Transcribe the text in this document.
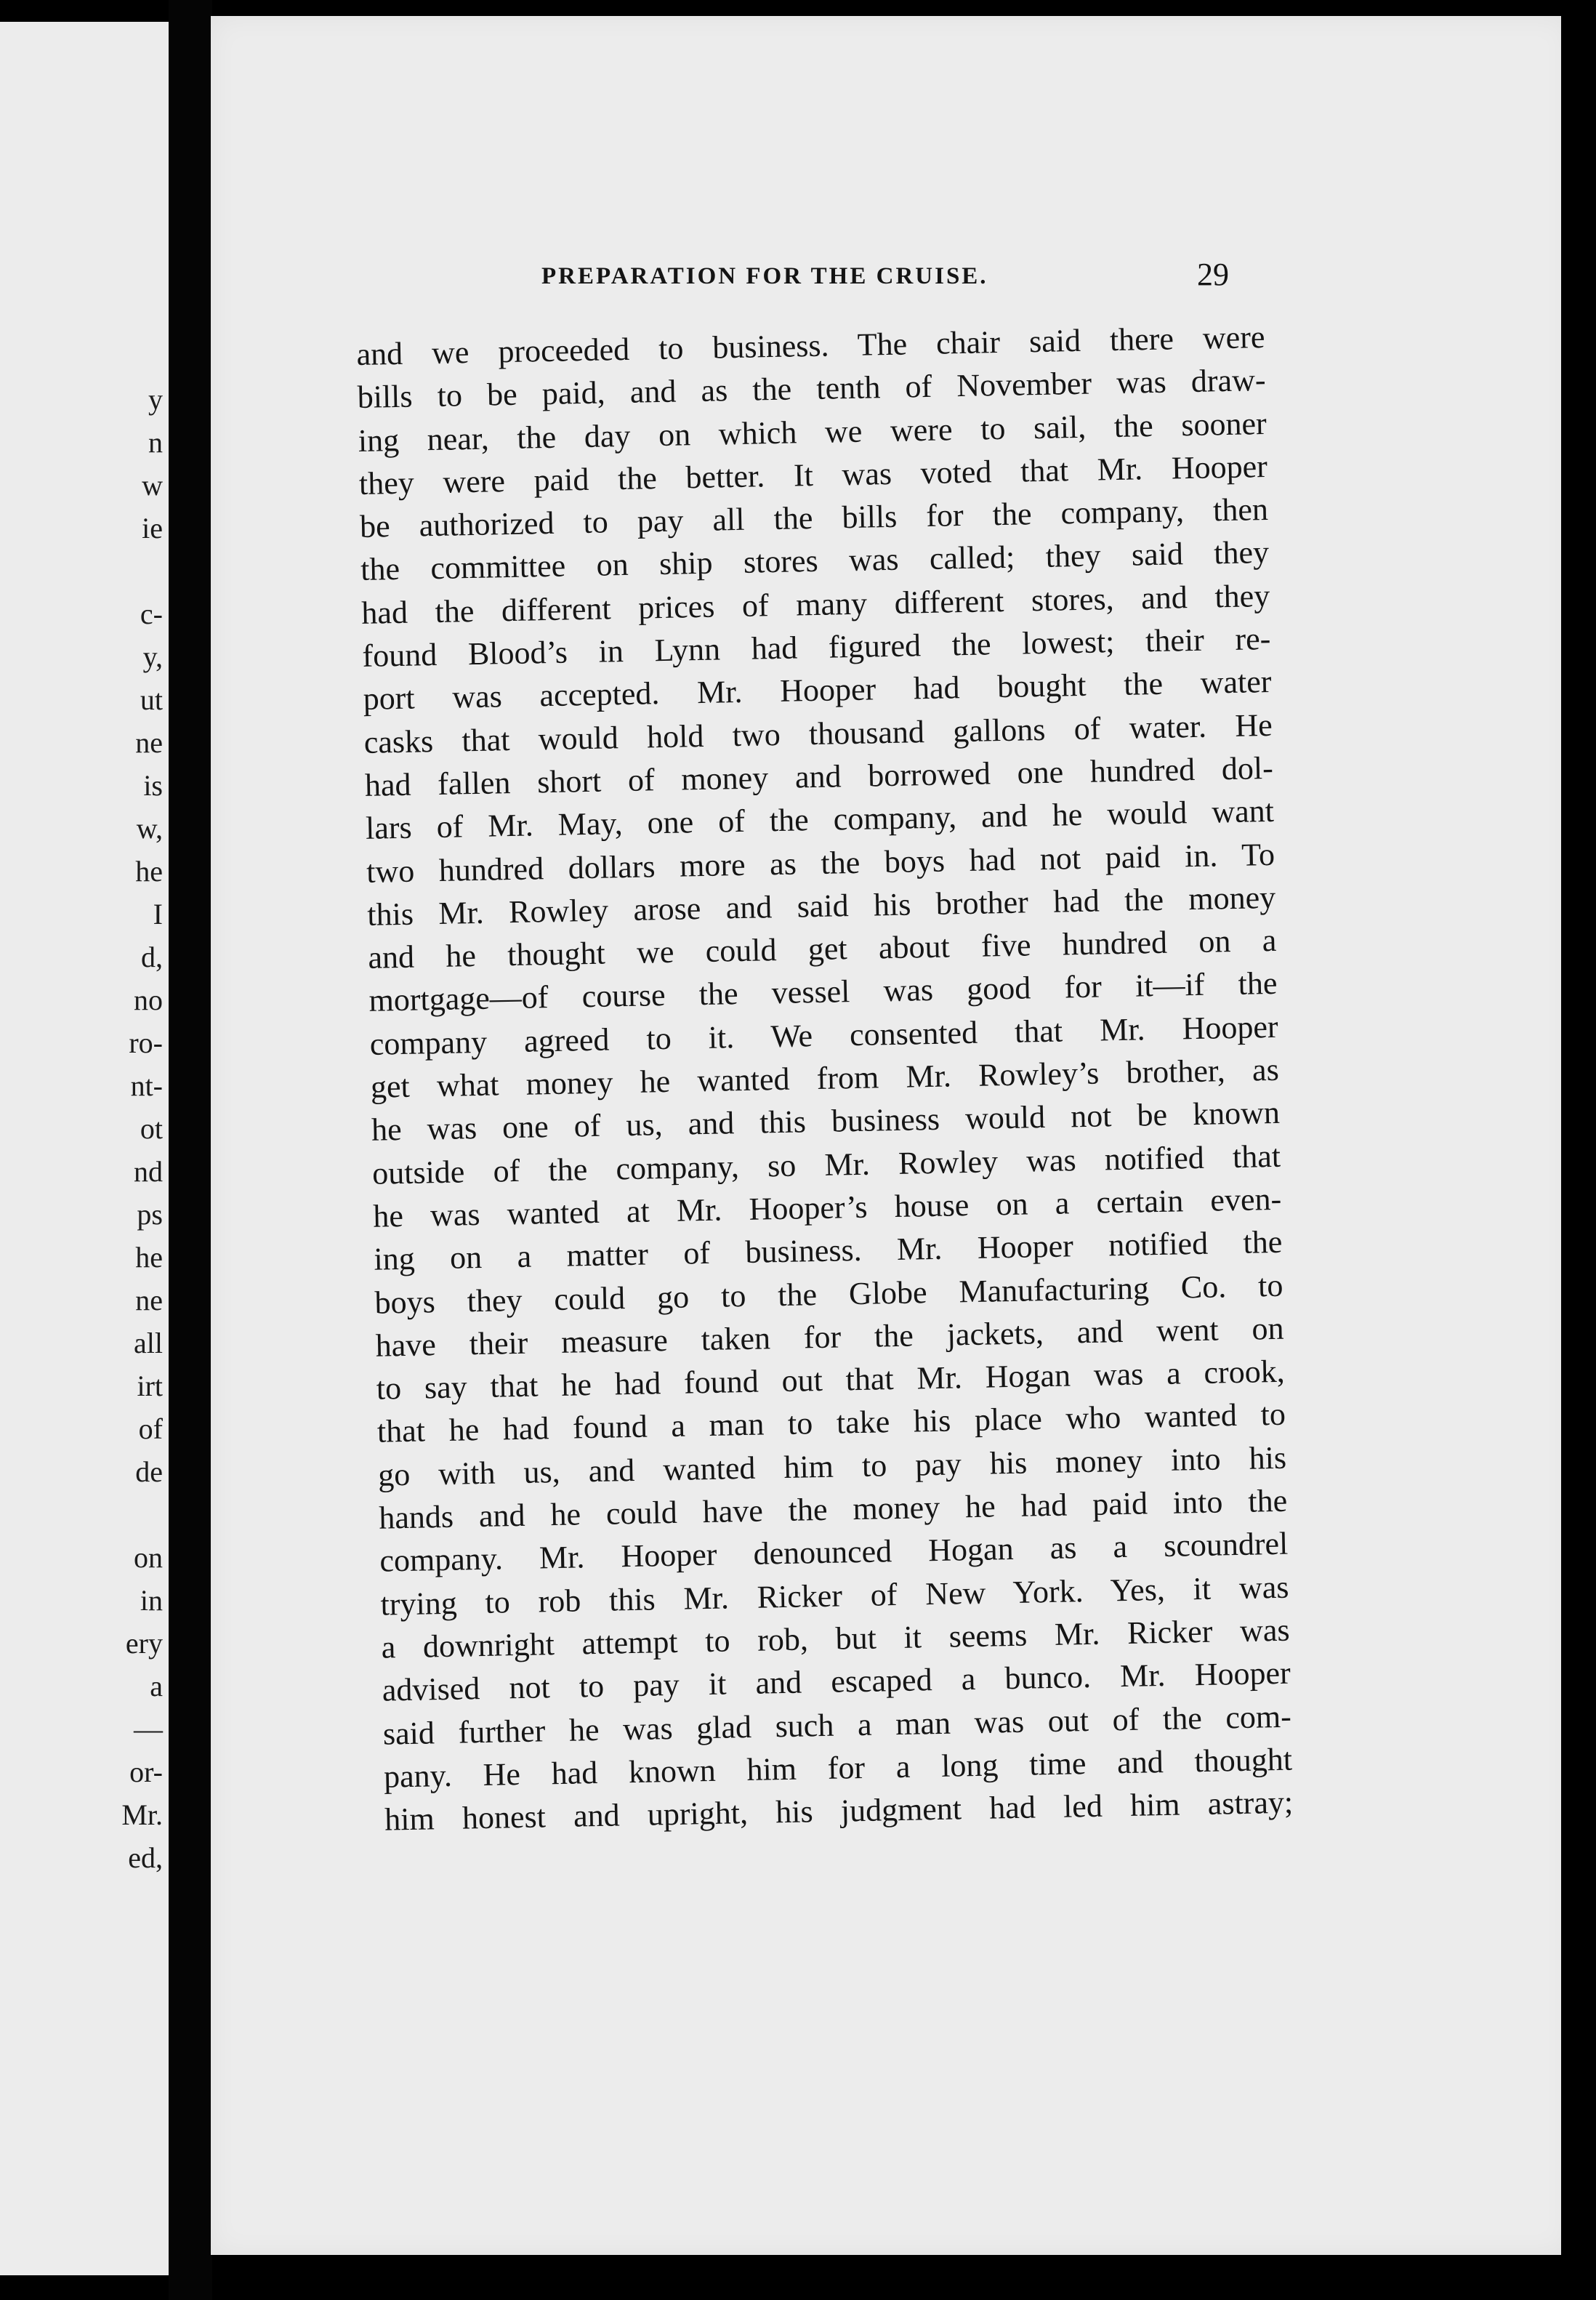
y
n
w
ie

c-
y,
ut
ne
is
w,
he
I
d,
no
ro-
nt-
ot
nd
ps
he
ne
all
irt
of
de

on
in
ery
a
—
or-
Mr.
ed,
PREPARATION FOR THE CRUISE.	29
and we proceeded to business. The chair said there were
bills to be paid, and as the tenth of November was draw-
ing near, the day on which we were to sail, the sooner
they were paid the better. It was voted that Mr. Hooper
be authorized to pay all the bills for the company, then
the committee on ship stores was called; they said they
had the different prices of many different stores, and they
found Blood’s in Lynn had figured the lowest; their re-
port was accepted. Mr. Hooper had bought the water
casks that would hold two thousand gallons of water. He
had fallen short of money and borrowed one hundred dol-
lars of Mr. May, one of the company, and he would want
two hundred dollars more as the boys had not paid in. To
this Mr. Rowley arose and said his brother had the money
and he thought we could get about five hundred on a
mortgage—of course the vessel was good for it—if the
company agreed to it. We consented that Mr. Hooper
get what money he wanted from Mr. Rowley’s brother, as
he was one of us, and this business would not be known
outside of the company, so Mr. Rowley was notified that
he was wanted at Mr. Hooper’s house on a certain even-
ing on a matter of business. Mr. Hooper notified the
boys they could go to the Globe Manufacturing Co. to
have their measure taken for the jackets, and went on
to say that he had found out that Mr. Hogan was a crook,
that he had found a man to take his place who wanted to
go with us, and wanted him to pay his money into his
hands and he could have the money he had paid into the
company. Mr. Hooper denounced Hogan as a scoundrel
trying to rob this Mr. Ricker of New York. Yes, it was
a downright attempt to rob, but it seems Mr. Ricker was
advised not to pay it and escaped a bunco. Mr. Hooper
said further he was glad such a man was out of the com-
pany. He had known him for a long time and thought
him honest and upright, his judgment had led him astray;
